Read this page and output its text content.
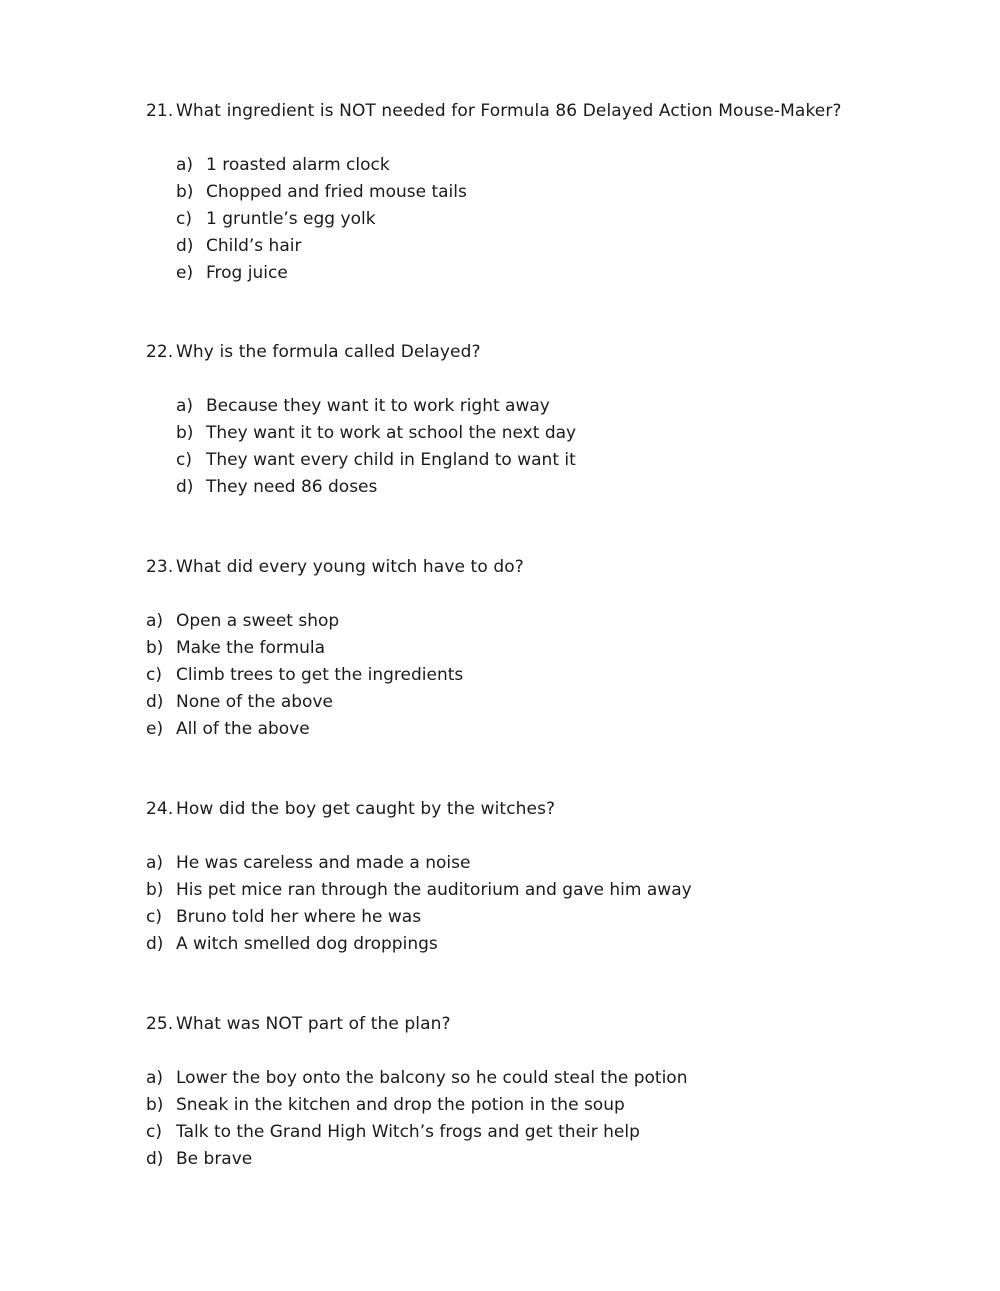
21. What ingredient is NOT needed for Formula 86 Delayed Action Mouse-Maker?
a) 1 roasted alarm clock
b) Chopped and fried mouse tails
c) 1 gruntle’s egg yolk
d) Child’s hair
e) Frog juice
22. Why is the formula called Delayed?
a) Because they want it to work right away
b) They want it to work at school the next day
c) They want every child in England to want it
d) They need 86 doses
23. What did every young witch have to do?
a) Open a sweet shop
b) Make the formula
c) Climb trees to get the ingredients
d) None of the above
e) All of the above
24. How did the boy get caught by the witches?
a) He was careless and made a noise
b) His pet mice ran through the auditorium and gave him away
c) Bruno told her where he was
d) A witch smelled dog droppings
25. What was NOT part of the plan?
a) Lower the boy onto the balcony so he could steal the potion
b) Sneak in the kitchen and drop the potion in the soup
c) Talk to the Grand High Witch’s frogs and get their help
d) Be brave
